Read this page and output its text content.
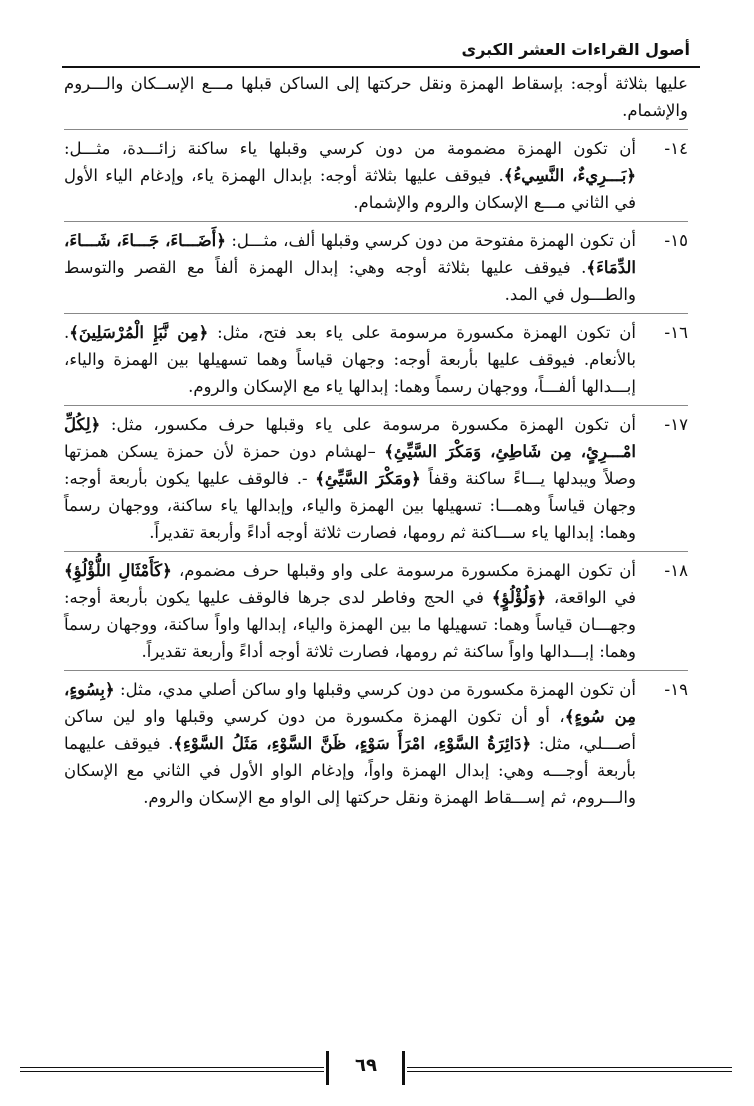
أصول القراءات العشر الكبرى

عليها بثلاثة أوجه: بإسقاط الهمزة ونقل حركتها إلى الساكن قبلها مـــع الإســكان والـــروم والإشمام.

١٤-

أن تكون الهمزة مضمومة من دون كرسي وقبلها ياء ساكنة زائـــدة، مثـــل: ﴿بَـــرِيءٌ، النَّسِيءُ﴾. فيوقف عليها بثلاثة أوجه: بإبدال الهمزة ياء، وإدغام الياء الأول في الثاني مـــع الإسكان والروم والإشمام.

١٥-

أن تكون الهمزة مفتوحة من دون كرسي وقبلها ألف، مثـــل: ﴿أَضَـــاءَ، جَـــاءَ، شَـــاءَ، الدِّمَاءَ﴾. فيوقف عليها بثلاثة أوجه وهي: إبدال الهمزة ألفاً مع القصر والتوسط والطـــول في المد.

١٦-

أن تكون الهمزة مكسورة مرسومة على ياء بعد فتح، مثل: ﴿مِن نَّبَإِ الْمُرْسَلِينَ﴾. بالأنعام. فيوقف عليها بأربعة أوجه: وجهان قياساً وهما تسهيلها بين الهمزة والياء، إبـــدالها ألفـــاً، ووجهان رسماً وهما: إبدالها ياء مع الإسكان والروم.

١٧-

أن تكون الهمزة مكسورة مرسومة على ياء وقبلها حرف مكسور، مثل: ﴿لِكُلِّ امْـــرِئٍ، مِن شَاطِئِ، وَمَكْرَ السَّيِّئِ﴾ –لهشام دون حمزة لأن حمزة يسكن همزتها وصلاً ويبدلها يـــاءً ساكنة وقفاً ﴿ومَكْرَ السَّيِّئِ﴾ -. فالوقف عليها يكون بأربعة أوجه: وجهان قياساً وهمـــا: تسهيلها بين الهمزة والياء، وإبدالها ياء ساكنة، ووجهان رسماً وهما: إبدالها ياء ســـاكنة ثم رومها، فصارت ثلاثة أوجه أداءً وأربعة تقديراً.

١٨-

أن تكون الهمزة مكسورة مرسومة على واو وقبلها حرف مضموم، ﴿كَأَمْثَالِ اللُّؤْلُؤِ﴾ في الواقعة، ﴿وَلُؤْلُؤٍ﴾ في الحج وفاطر لدى جرها فالوقف عليها يكون بأربعة أوجه: وجهـــان قياساً وهما: تسهيلها ما بين الهمزة والياء، إبدالها واواً ساكنة، ووجهان رسماً وهما: إبـــدالها واواً ساكنة ثم رومها، فصارت ثلاثة أوجه أداءً وأربعة تقديراً.

١٩-

أن تكون الهمزة مكسورة من دون كرسي وقبلها واو ساكن أصلي مدي، مثل: ﴿بِسُوءٍ، مِن سُوءٍ﴾، أو أن تكون الهمزة مكسورة من دون كرسي وقبلها واو لين ساكن أصـــلي، مثل: ﴿دَائِرَةُ السَّوْءِ، امْرَأَ سَوْءٍ، ظَنَّ السَّوْءِ، مَثَلُ السَّوْءِ﴾. فيوقف عليهما بأربعة أوجـــه وهي: إبدال الهمزة واواً، وإدغام الواو الأول في الثاني مع الإسكان والـــروم، ثم إســـقاط الهمزة ونقل حركتها إلى الواو مع الإسكان والروم.

٦٩
